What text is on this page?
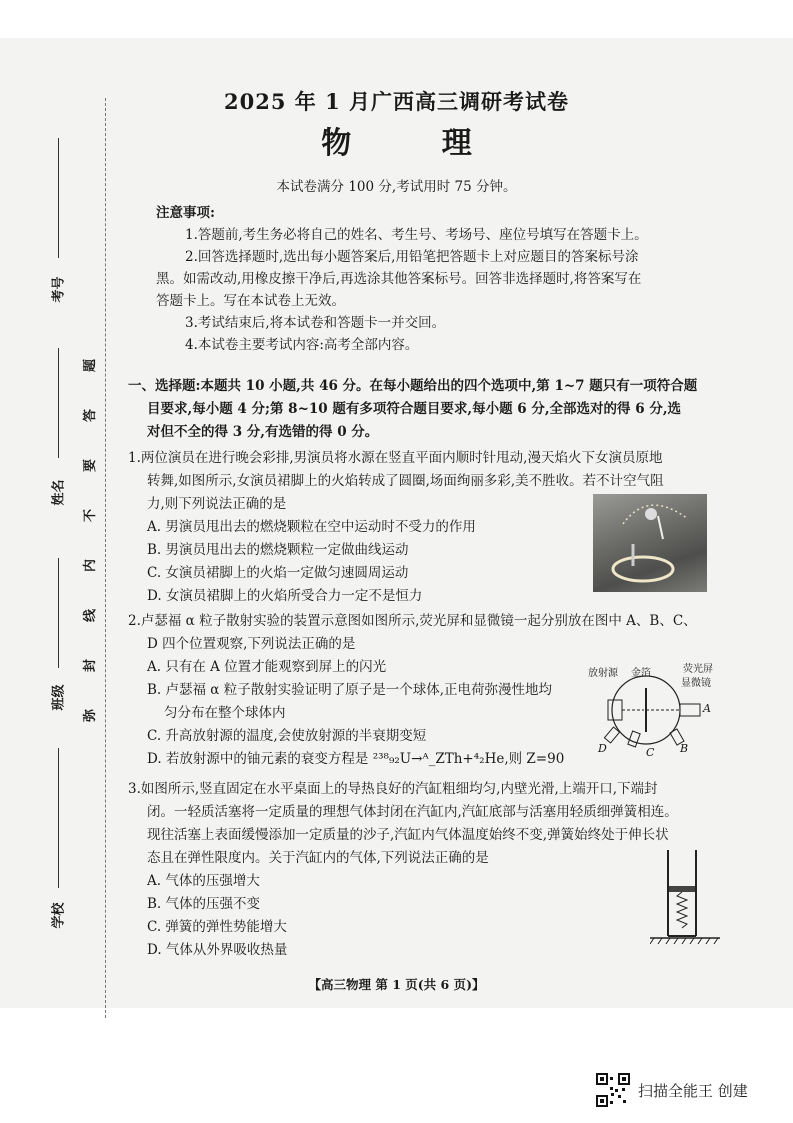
考号
姓名
班级
学校
题
答
要
不
内
线
封
弥
2025 年 1 月广西高三调研考试卷
物 理
本试卷满分 100 分,考试用时 75 分钟。
注意事项:
1.答题前,考生务必将自己的姓名、考生号、考场号、座位号填写在答题卡上。
2.回答选择题时,选出每小题答案后,用铅笔把答题卡上对应题目的答案标号涂
黑。如需改动,用橡皮擦干净后,再选涂其他答案标号。回答非选择题时,将答案写在
答题卡上。写在本试卷上无效。
3.考试结束后,将本试卷和答题卡一并交回。
4.本试卷主要考试内容:高考全部内容。
一、选择题:本题共 10 小题,共 46 分。在每小题给出的四个选项中,第 1~7 题只有一项符合题
目要求,每小题 4 分;第 8~10 题有多项符合题目要求,每小题 6 分,全部选对的得 6 分,选
对但不全的得 3 分,有选错的得 0 分。
1.两位演员在进行晚会彩排,男演员将水源在竖直平面内顺时针甩动,漫天焰火下女演员原地
转舞,如图所示,女演员裙脚上的火焰转成了圆圈,场面绚丽多彩,美不胜收。若不计空气阻
力,则下列说法正确的是
A. 男演员甩出去的燃烧颗粒在空中运动时不受力的作用
B. 男演员甩出去的燃烧颗粒一定做曲线运动
C. 女演员裙脚上的火焰一定做匀速圆周运动
D. 女演员裙脚上的火焰所受合力一定不是恒力
2.卢瑟福 α 粒子散射实验的装置示意图如图所示,荧光屏和显微镜一起分别放在图中 A、B、C、
D 四个位置观察,下列说法正确的是
A. 只有在 A 位置才能观察到屏上的闪光
B. 卢瑟福 α 粒子散射实验证明了原子是一个球体,正电荷弥漫性地均
匀分布在整个球体内
C. 升高放射源的温度,会使放射源的半衰期变短
D. 若放射源中的铀元素的衰变方程是 ²³⁸₉₂U→ᴬ_ZTh+⁴₂He,则 Z=90
放射源 金箔	荧光屏
显微镜
A
B
C
D
3.如图所示,竖直固定在水平桌面上的导热良好的汽缸粗细均匀,内壁光滑,上端开口,下端封
闭。一轻质活塞将一定质量的理想气体封闭在汽缸内,汽缸底部与活塞用轻质细弹簧相连。
现往活塞上表面缓慢添加一定质量的沙子,汽缸内气体温度始终不变,弹簧始终处于伸长状
态且在弹性限度内。关于汽缸内的气体,下列说法正确的是
A. 气体的压强增大
B. 气体的压强不变
C. 弹簧的弹性势能增大
D. 气体从外界吸收热量
【高三物理 第 1 页(共 6 页)】
扫描全能王 创建
